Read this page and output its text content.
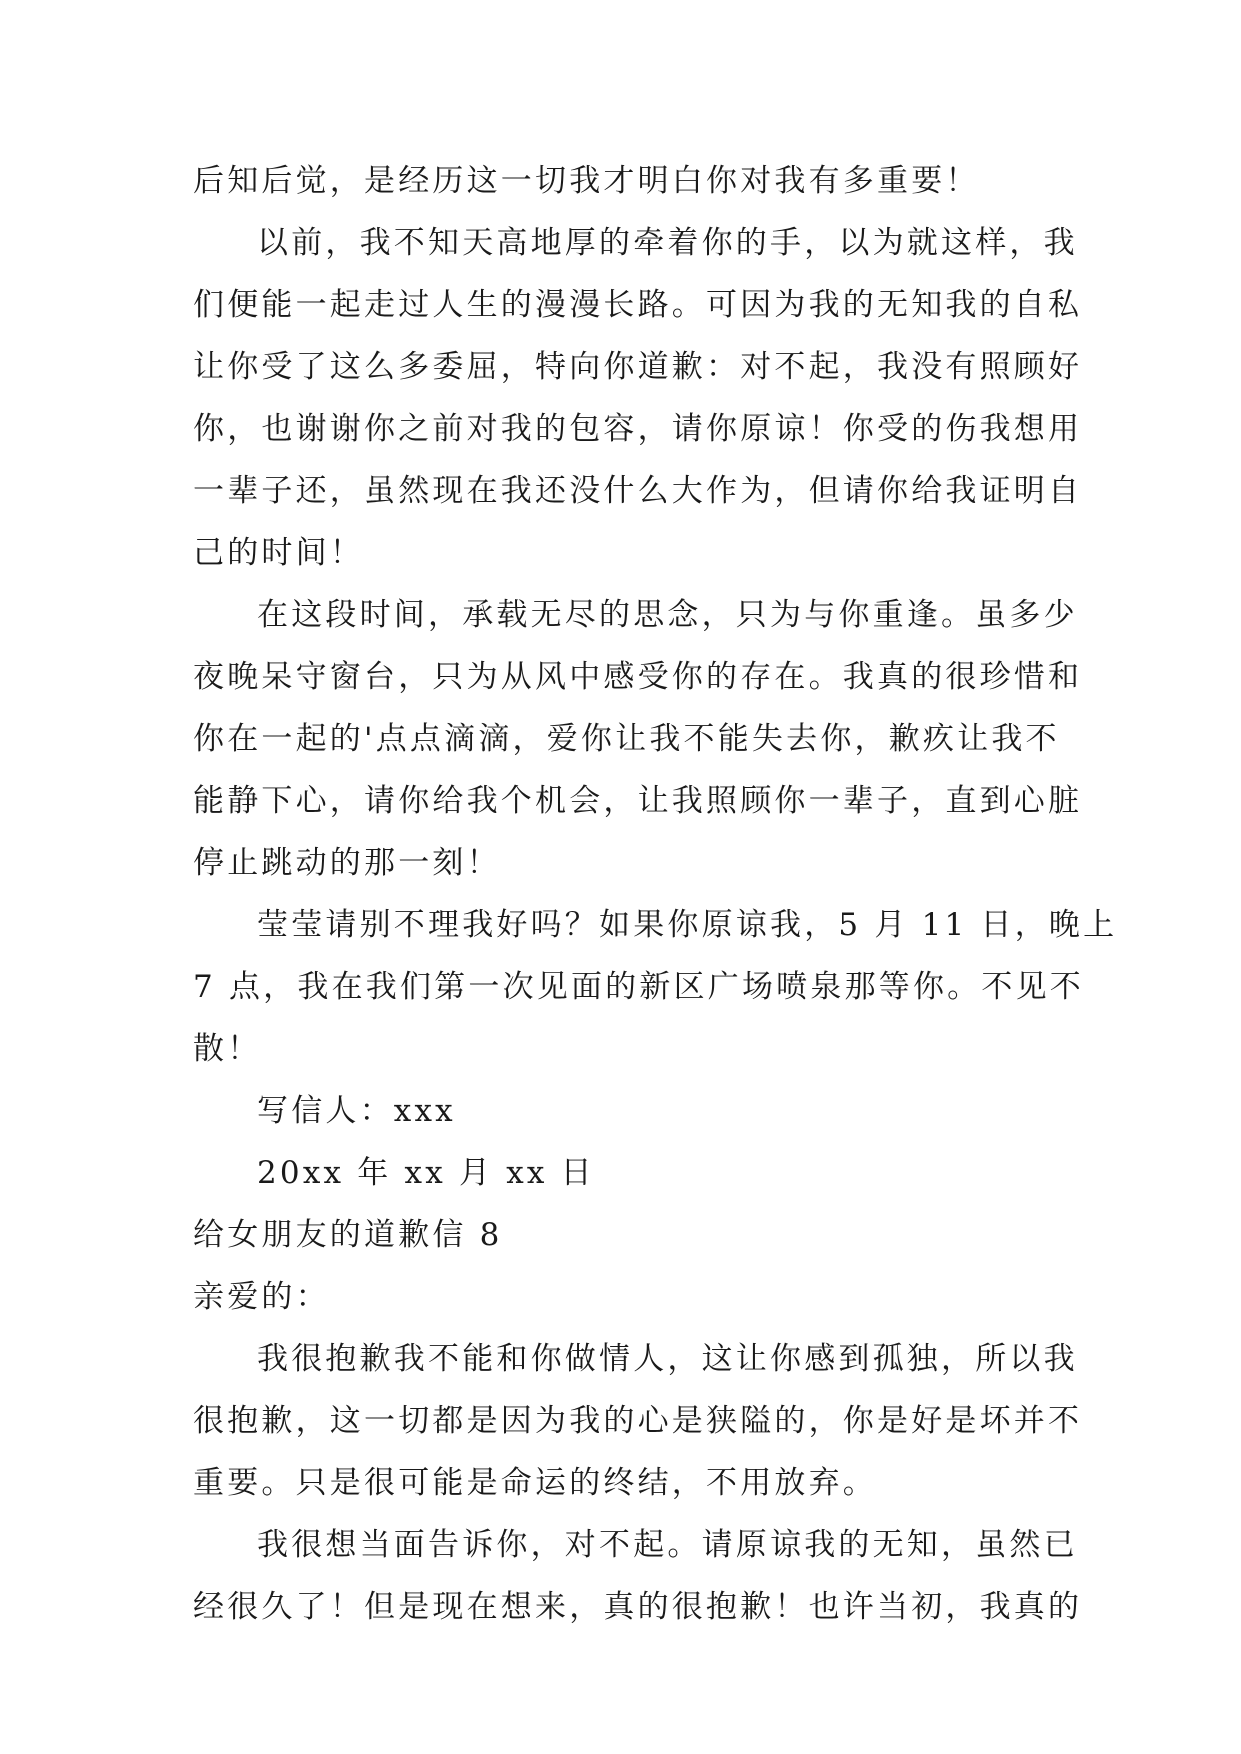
后知后觉，是经历这一切我才明白你对我有多重要！
以前，我不知天高地厚的牵着你的手，以为就这样，我
们便能一起走过人生的漫漫长路。可因为我的无知我的自私
让你受了这么多委屈，特向你道歉：对不起，我没有照顾好
你，也谢谢你之前对我的包容，请你原谅！你受的伤我想用
一辈子还，虽然现在我还没什么大作为，但请你给我证明自
己的时间！
在这段时间，承载无尽的思念，只为与你重逢。虽多少
夜晚呆守窗台，只为从风中感受你的存在。我真的很珍惜和
你在一起的'点点滴滴，爱你让我不能失去你，歉疚让我不
能静下心，请你给我个机会，让我照顾你一辈子，直到心脏
停止跳动的那一刻！
莹莹请别不理我好吗？如果你原谅我，5 月 11 日，晚上
7 点，我在我们第一次见面的新区广场喷泉那等你。不见不
散！
写信人：xxx
20xx 年 xx 月 xx 日
给女朋友的道歉信 8
亲爱的：
我很抱歉我不能和你做情人，这让你感到孤独，所以我
很抱歉，这一切都是因为我的心是狭隘的，你是好是坏并不
重要。只是很可能是命运的终结，不用放弃。
我很想当面告诉你，对不起。请原谅我的无知，虽然已
经很久了！但是现在想来，真的很抱歉！也许当初，我真的
